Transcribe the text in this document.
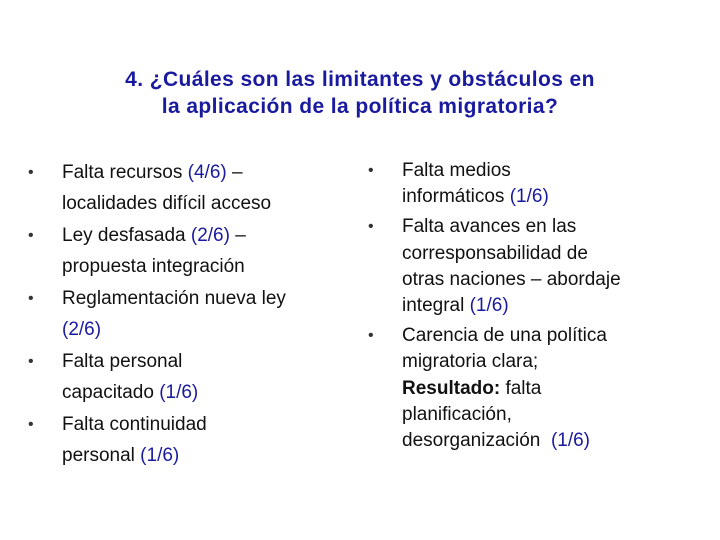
4. ¿Cuáles son las limitantes y obstáculos en
la aplicación de la política migratoria?
• Falta recursos (4/6) –
localidades difícil acceso
• Ley desfasada (2/6) –
propuesta integración
• Reglamentación nueva ley
(2/6)
• Falta personal
capacitado (1/6)
• Falta continuidad
personal (1/6)
• Falta medios
informáticos (1/6)
• Falta avances en las
corresponsabilidad de
otras naciones – abordaje
integral (1/6)
• Carencia de una política
migratoria clara;
Resultado: falta
planificación,
desorganización  (1/6)
